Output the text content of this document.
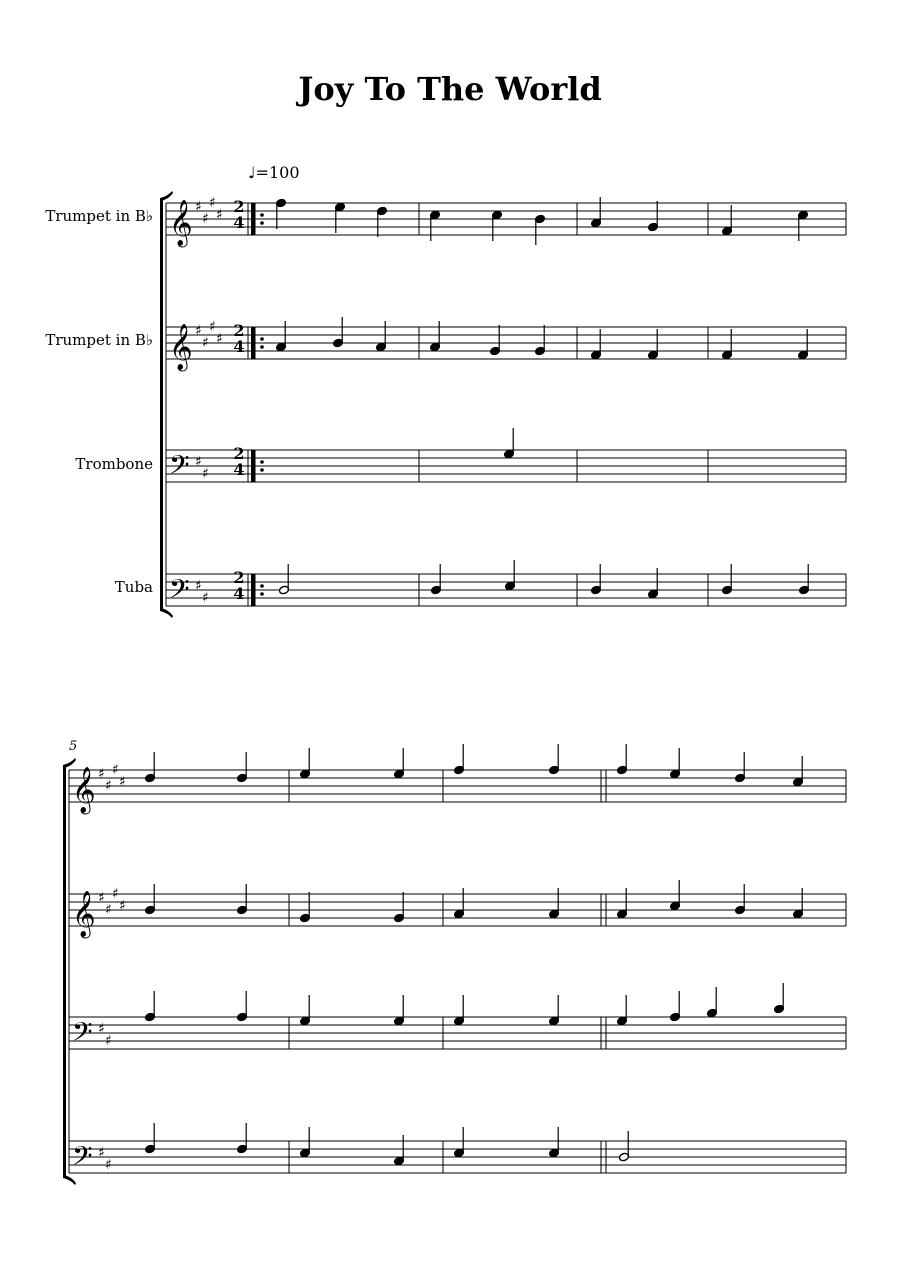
Joy To The World
♩=100
Trumpet in B♭
Trumpet in B♭
Trombone
Tuba
5
𝄞
𝄞
𝄢
𝄢
𝄞
𝄞
𝄢
𝄢
♯
♯
♯
♯
♯
♯
♯
♯
♯
♯
♯
♯
♯
♯
♯
♯
♯
♯
♯
♯
♯
♯
♯
♯
2
4
2
4
2
4
2
4
